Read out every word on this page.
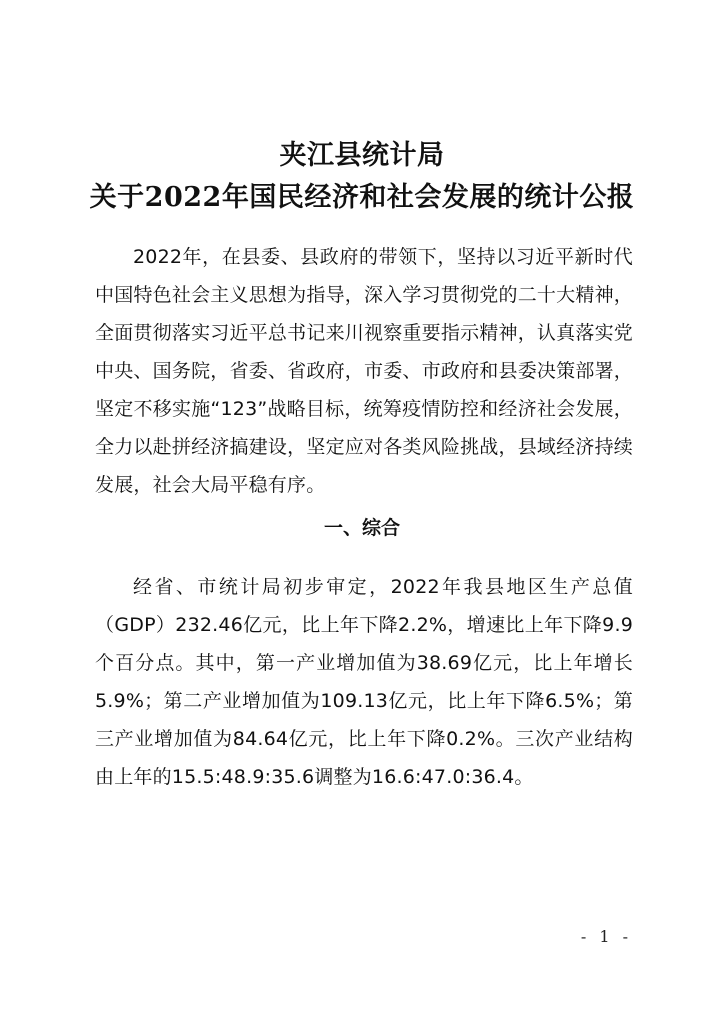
夹江县统计局
关于2022年国民经济和社会发展的统计公报

2022年，在县委、县政府的带领下，坚持以习近平新时代中国特色社会主义思想为指导，深入学习贯彻党的二十大精神，全面贯彻落实习近平总书记来川视察重要指示精神，认真落实党中央、国务院，省委、省政府，市委、市政府和县委决策部署，坚定不移实施“123”战略目标，统筹疫情防控和经济社会发展，全力以赴拼经济搞建设，坚定应对各类风险挑战，县域经济持续发展，社会大局平稳有序。

一、综合

经省、市统计局初步审定，2022年我县地区生产总值（GDP）232.46亿元，比上年下降2.2%，增速比上年下降9.9个百分点。其中，第一产业增加值为38.69亿元，比上年增长5.9%；第二产业增加值为109.13亿元，比上年下降6.5%；第三产业增加值为84.64亿元，比上年下降0.2%。三次产业结构由上年的15.5:48.9:35.6调整为16.6:47.0:36.4。

- 1 -
